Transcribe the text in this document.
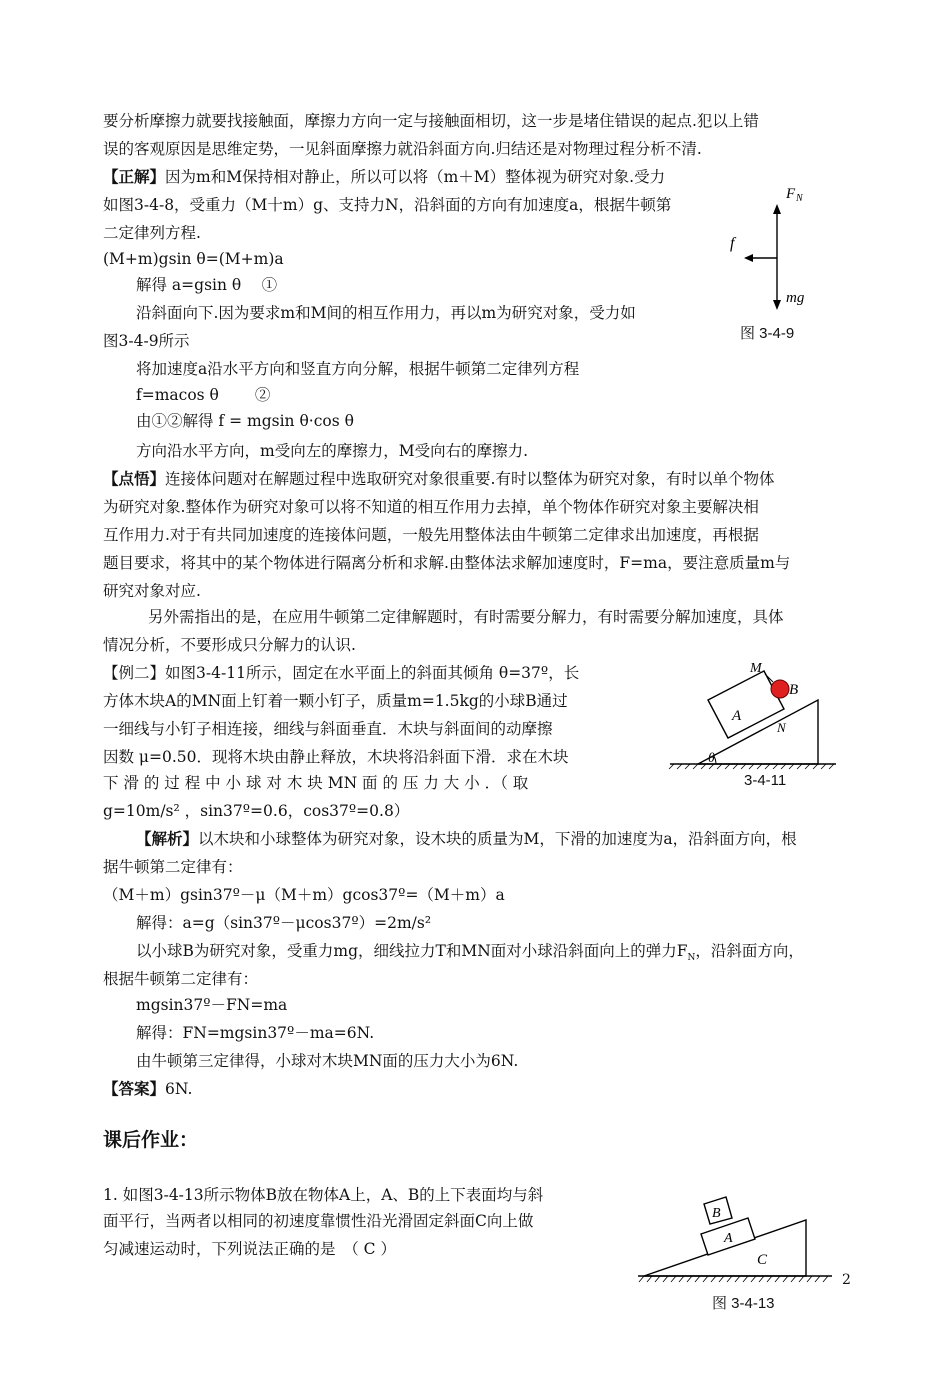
要分析摩擦力就要找接触面，摩擦力方向一定与接触面相切，这一步是堵住错误的起点.犯以上错
误的客观原因是思维定势，一见斜面摩擦力就沿斜面方向.归结还是对物理过程分析不清.
【正解】因为m和M保持相对静止，所以可以将（m＋M）整体视为研究对象.受力
如图3-4-8，受重力（M十m）g、支持力N，沿斜面的方向有加速度a，根据牛顿第
二定律列方程.
(M+m)gsin θ=(M+m)a
解得 a=gsin θ　 ①
沿斜面向下.因为要求m和M间的相互作用力，再以m为研究对象，受力如
图3-4-9所示
将加速度a沿水平方向和竖直方向分解，根据牛顿第二定律列方程
f=macos θ　　 ②
由①②解得 f = mgsin θ·cos θ
方向沿水平方向，m受向左的摩擦力，M受向右的摩擦力.
F N
f
mg
图 3-4-9
【点悟】连接体问题对在解题过程中选取研究对象很重要.有时以整体为研究对象，有时以单个物体
为研究对象.整体作为研究对象可以将不知道的相互作用力去掉，单个物体作研究对象主要解决相
互作用力.对于有共同加速度的连接体问题，一般先用整体法由牛顿第二定律求出加速度，再根据
题目要求，将其中的某个物体进行隔离分析和求解.由整体法求解加速度时，F=ma，要注意质量m与
研究对象对应.
另外需指出的是，在应用牛顿第二定律解题时，有时需要分解力，有时需要分解加速度，具体
情况分析，不要形成只分解力的认识.
【例二】如图3-4-11所示，固定在水平面上的斜面其倾角 θ=37º，长
方体木块A的MN面上钉着一颗小钉子，质量m=1.5kg的小球B通过
一细线与小钉子相连接，细线与斜面垂直．木块与斜面间的动摩擦
因数 μ=0.50．现将木块由静止释放，木块将沿斜面下滑．求在木块
下 滑 的 过 程 中 小 球 对 木 块 MN 面 的 压 力 大 小 ．（ 取
g=10m/s² ，sin37º=0.6，cos37º=0.8）
M
B
A
N
θ
3-4-11
【解析】以木块和小球整体为研究对象，设木块的质量为M，下滑的加速度为a，沿斜面方向，根
据牛顿第二定律有：
（M＋m）gsin37º－μ（M＋m）gcos37º=（M＋m）a
解得：a=g（sin37º－μcos37º）=2m/s²
以小球B为研究对象，受重力mg，细线拉力T和MN面对小球沿斜面向上的弹力$F_N$，沿斜面方向，
根据牛顿第二定律有：
mgsin37º－FN=ma
解得：FN=mgsin37º－ma=6N.
由牛顿第三定律得，小球对木块MN面的压力大小为6N.
【答案】6N.
课后作业：
1. 如图3-4-13所示物体B放在物体A上，A、B的上下表面均与斜
面平行，当两者以相同的初速度靠惯性沿光滑固定斜面C向上做
匀减速运动时，下列说法正确的是　（ C ）
B
A
C
图 3-4-13
2
